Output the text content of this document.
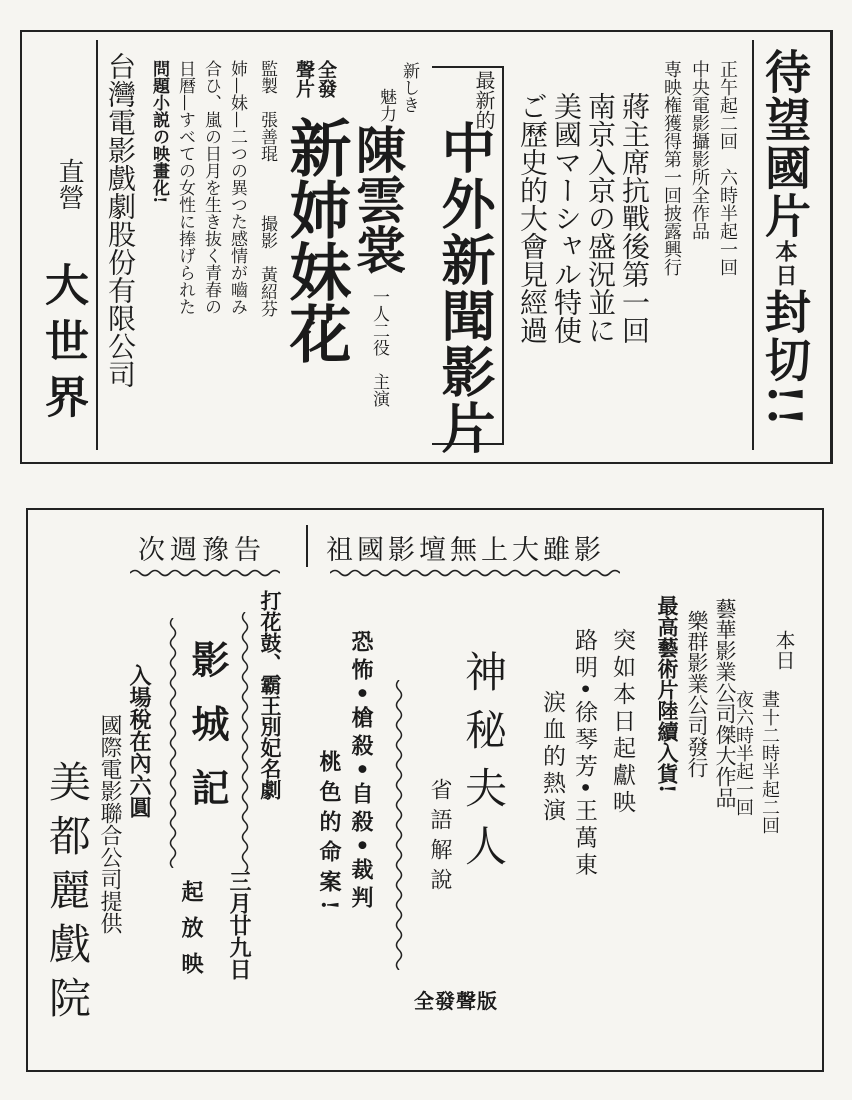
待望國片本日封切!!
正午起二回　六時半起一回
中央電影攝影所全作品
専映権獲得第一回披露興行
蔣主席抗戰後第一回
南京入京の盛況並に
美國マーシャル特使
ご歷史的大會見經過
最新的
中外新聞影片
新しき
魅力
陳雲裳
一人二役　主演
全發
聲片
新姉妹花
監製　張善琨
撮影　黃紹芬
姉—妹—二つの異つた感情が嚙み
合ひ、嵐の日月を生き抜く青春の
日曆—すべての女性に捧げられた
問題小説の映畫化!
台灣電影戲劇股份有限公司
直營
大世界
祖國影壇無上大雖影
次週豫告
本日
晝十二時半起二回
夜六時半起一回
藝華影業公司傑大作品
樂群影業公司發行
最高藝術片陸續入貨!
突如本日起獻映
路明•徐琴芳•王萬東
涙血的熱演
神秘夫人
省語解說
全發聲版
恐怖•槍殺•自殺•裁判
桃色的命案!
打花鼓、霸王別妃名劇
影城記
三月廿九日
起放映
入場稅在內六圓
國際電影聯合公司提供
美都麗戲院
